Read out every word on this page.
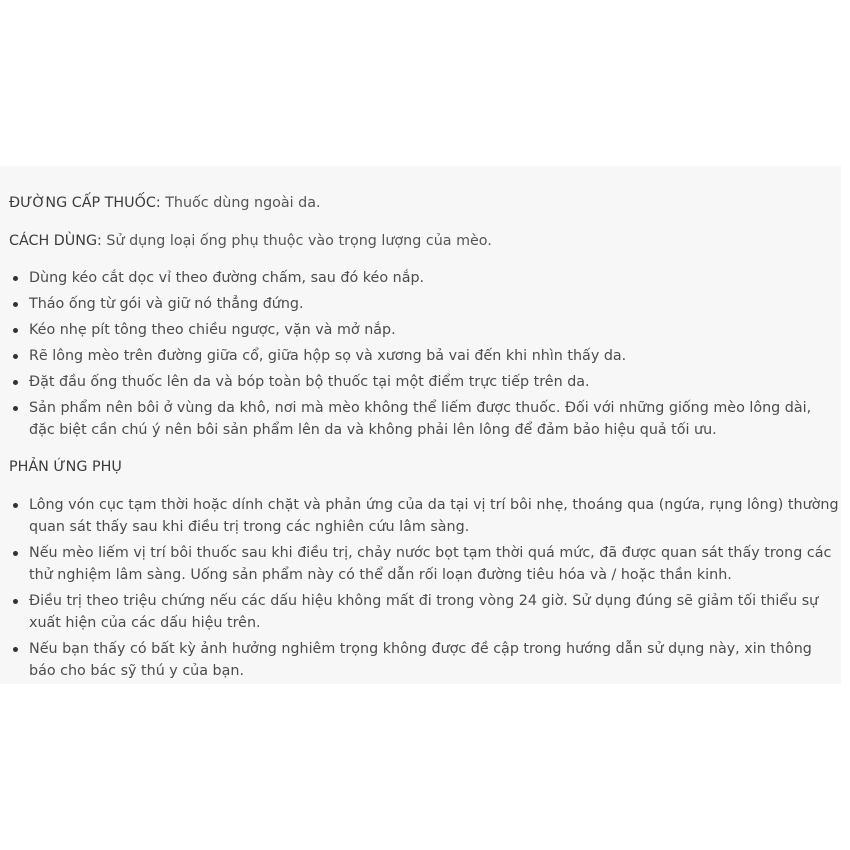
ĐƯỜNG CẤP THUỐC: Thuốc dùng ngoài da.

CÁCH DÙNG: Sử dụng loại ống phụ thuộc vào trọng lượng của mèo.

Dùng kéo cắt dọc vỉ theo đường chấm, sau đó kéo nắp.
Tháo ống từ gói và giữ nó thẳng đứng.
Kéo nhẹ pít tông theo chiều ngược, vặn và mở nắp.
Rẽ lông mèo trên đường giữa cổ, giữa hộp sọ và xương bả vai đến khi nhìn thấy da.
Đặt đầu ống thuốc lên da và bóp toàn bộ thuốc tại một điểm trực tiếp trên da.
Sản phẩm nên bôi ở vùng da khô, nơi mà mèo không thể liếm được thuốc. Đối với những giống mèo lông dài, đặc biệt cần chú ý nên bôi sản phẩm lên da và không phải lên lông để đảm bảo hiệu quả tối ưu.

PHẢN ỨNG PHỤ

Lông vón cục tạm thời hoặc dính chặt và phản ứng của da tại vị trí bôi nhẹ, thoáng qua (ngứa, rụng lông) thường quan sát thấy sau khi điều trị trong các nghiên cứu lâm sàng.
Nếu mèo liếm vị trí bôi thuốc sau khi điều trị, chảy nước bọt tạm thời quá mức, đã được quan sát thấy trong các thử nghiệm lâm sàng. Uống sản phẩm này có thể dẫn rối loạn đường tiêu hóa và / hoặc thần kinh.
Điều trị theo triệu chứng nếu các dấu hiệu không mất đi trong vòng 24 giờ. Sử dụng đúng sẽ giảm tối thiểu sự xuất hiện của các dấu hiệu trên.
Nếu bạn thấy có bất kỳ ảnh hưởng nghiêm trọng không được đề cập trong hướng dẫn sử dụng này, xin thông báo cho bác sỹ thú y của bạn.
